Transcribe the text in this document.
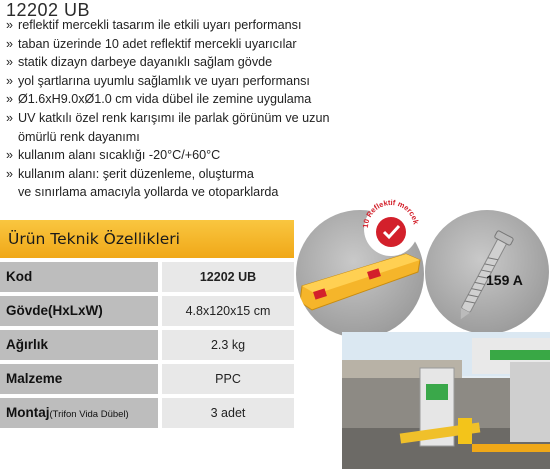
12202 UB
» reflektif mercekli tasarım ile etkili uyarı performansı
» taban üzerinde 10 adet reflektif mercekli uyarıcılar
» statik dizayn darbeye dayanıklı sağlam gövde
» yol şartlarına uyumlu sağlamlık ve uyarı performansı
» Ø1.6xH9.0xØ1.0 cm vida dübel ile zemine uygulama
» UV katkılı özel renk karışımı ile parlak görünüm ve uzun
ömürlü renk dayanımı
» kullanım alanı sıcaklığı -20°C/+60°C
» kullanım alanı: şerit düzenleme, oluşturma
ve sınırlama amacıyla yollarda ve otoparklarda
Ürün Teknik Özellikleri
Kod	12202 UB
Gövde(HxLxW)	4.8x120x15 cm
Ağırlık	2.3 kg
Malzeme	PPC
Montaj(Trifon Vida Dübel)	3 adet
10 Reflektif mercek
159 A
